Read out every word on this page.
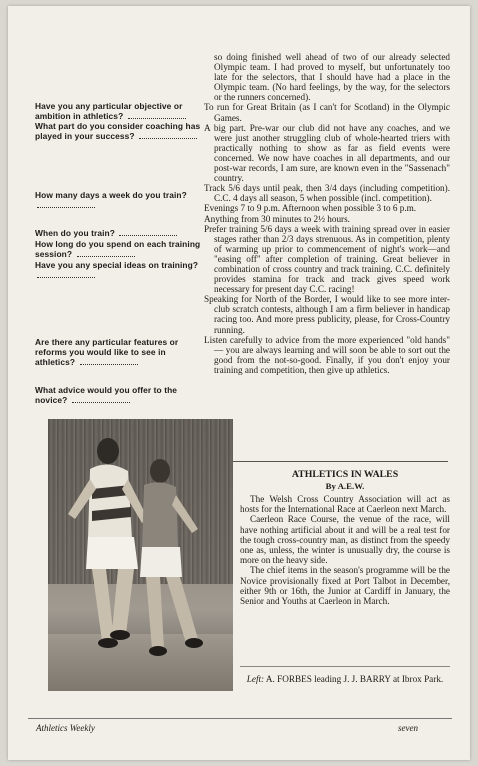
Have you any particular objective or ambition in athletics?
What part do you consider coaching has played in your success?
How many days a week do you train?
When do you train?
How long do you spend on each training session?
Have you any special ideas on training?
Are there any particular features or reforms you would like to see in athletics?
What advice would you offer to the novice?

so doing finished well ahead of two of our already selected Olympic team. I had proved to myself, but unfortunately too late for the selectors, that I should have had a place in the Olympic team. (No hard feelings, by the way, for the selectors or the runners concerned).

To run for Great Britain (as I can't for Scotland) in the Olympic Games.

A big part. Pre-war our club did not have any coaches, and we were just another struggling club of whole-hearted triers with practically nothing to show as far as field events were concerned. We now have coaches in all departments, and our post-war records, I am sure, are known even in the "Sassenach" country.

Track 5/6 days until peak, then 3/4 days (including competition). C.C. 4 days all season, 5 when possible (incl. competition).

Evenings 7 to 9 p.m. Afternoon when possible 3 to 6 p.m.

Anything from 30 minutes to 2½ hours.

Prefer training 5/6 days a week with training spread over in easier stages rather than 2/3 days strenuous. As in competition, plenty of warming up prior to commencement of night's work—and "easing off" after completion of training. Great believer in combination of cross country and track training. C.C. definitely provides stamina for track and track gives speed work necessary for present day C.C. racing!

Speaking for North of the Border, I would like to see more inter-club scratch contests, although I am a firm believer in handicap racing too. And more press publicity, please, for Cross-Country running.

Listen carefully to advice from the more experienced "old hands" — you are always learning and will soon be able to sort out the good from the not-so-good. Finally, if you don't enjoy your training and competition, then give up athletics.

ATHLETICS IN WALES
By A.E.W.

The Welsh Cross Country Association will act as hosts for the International Race at Caerleon next March.

Caerleon Race Course, the venue of the race, will have nothing artificial about it and will be a real test for the tough cross-country man, as distinct from the speedy one as, unless, the winter is unusually dry, the course is more on the heavy side.

The chief items in the season's programme will be the Novice provisionally fixed at Port Talbot in December, either 9th or 16th, the Junior at Cardiff in January, the Senior and Youths at Caerleon in March.

Left: A. FORBES leading J. J. BARRY at Ibrox Park.
Athletics Weekly	seven
